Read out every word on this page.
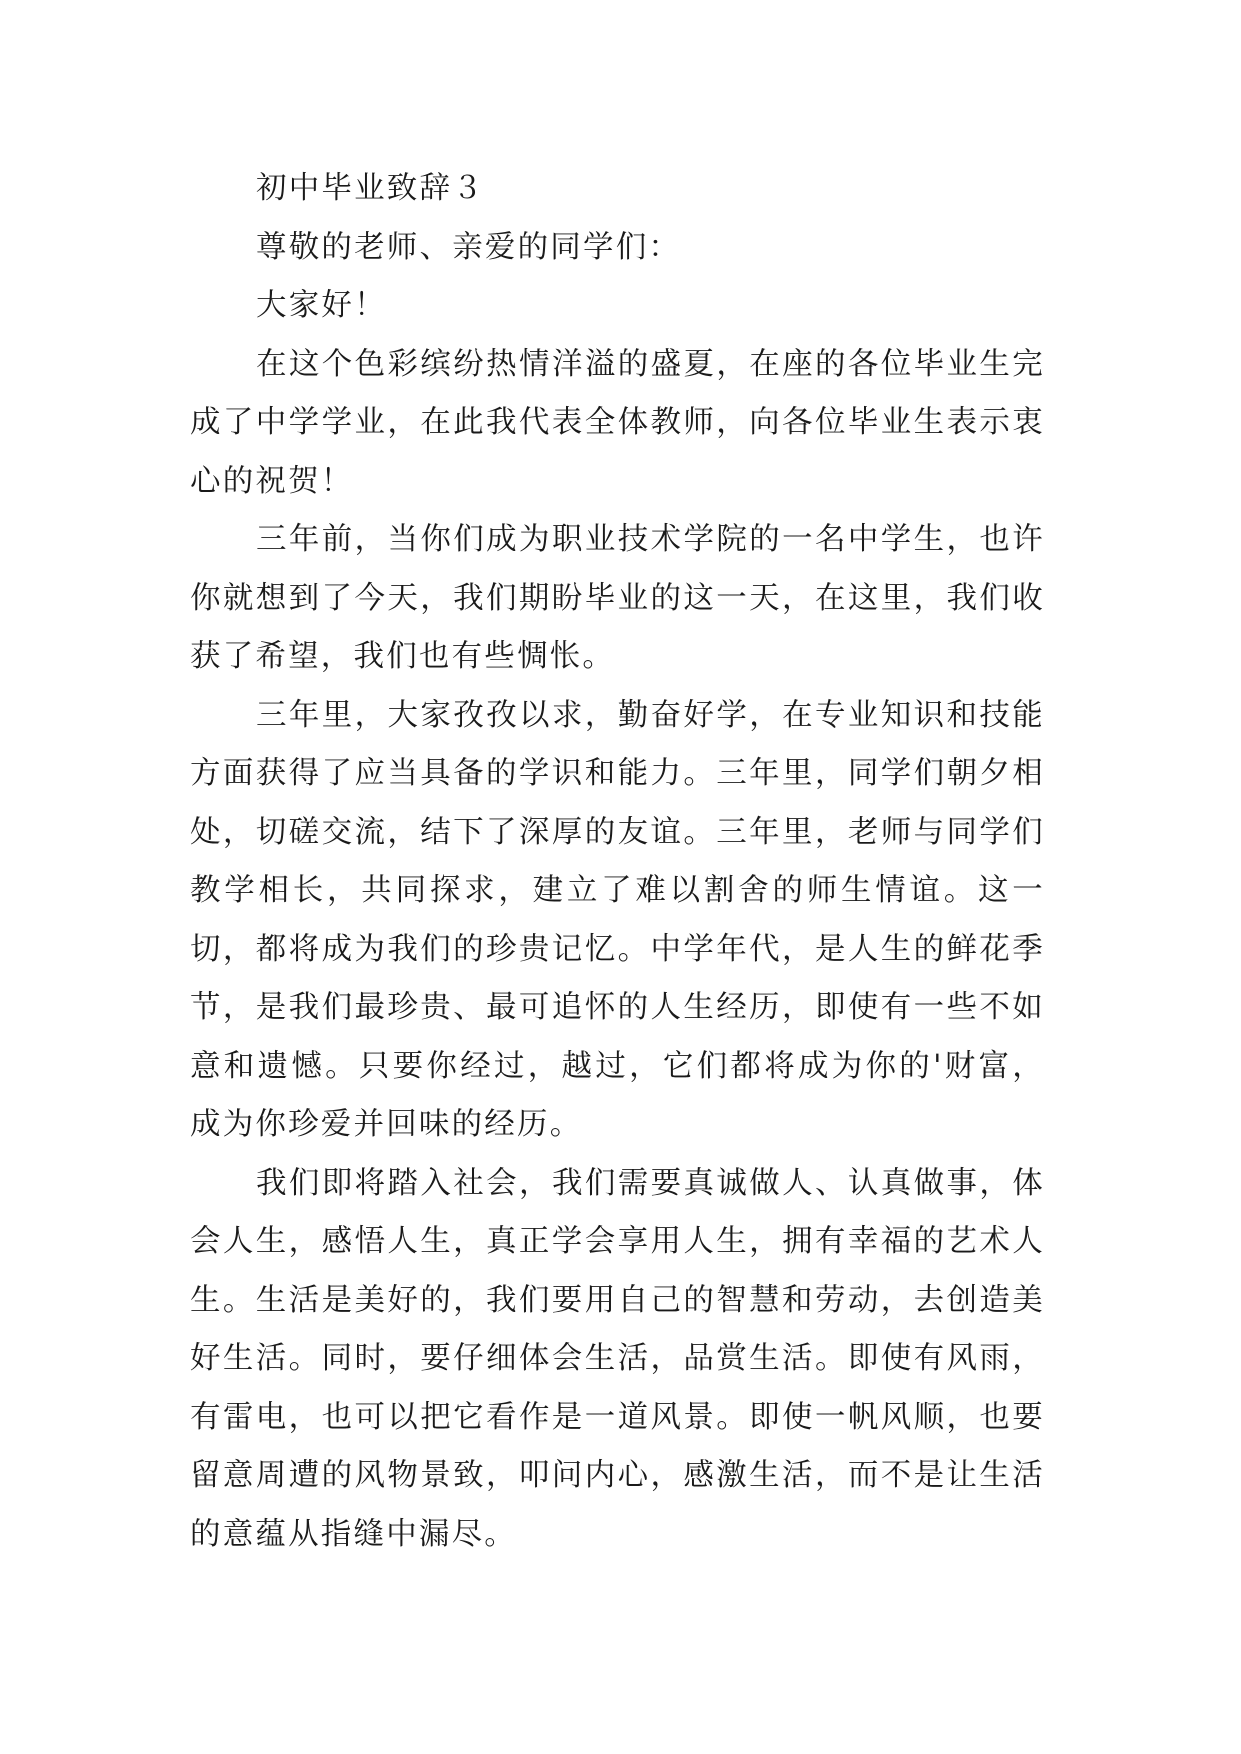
初中毕业致辞３

尊敬的老师、亲爱的同学们：

大家好！

在这个色彩缤纷热情洋溢的盛夏，在座的各位毕业生完成了中学学业，在此我代表全体教师，向各位毕业生表示衷心的祝贺！

三年前，当你们成为职业技术学院的一名中学生，也许你就想到了今天，我们期盼毕业的这一天，在这里，我们收获了希望，我们也有些惆怅。

三年里，大家孜孜以求，勤奋好学，在专业知识和技能方面获得了应当具备的学识和能力。三年里，同学们朝夕相处，切磋交流，结下了深厚的友谊。三年里，老师与同学们教学相长，共同探求，建立了难以割舍的师生情谊。这一切，都将成为我们的珍贵记忆。中学年代，是人生的鲜花季节，是我们最珍贵、最可追怀的人生经历，即使有一些不如意和遗憾。只要你经过，越过，它们都将成为你的'财富，成为你珍爱并回味的经历。

我们即将踏入社会，我们需要真诚做人、认真做事，体会人生，感悟人生，真正学会享用人生，拥有幸福的艺术人生。生活是美好的，我们要用自己的智慧和劳动，去创造美好生活。同时，要仔细体会生活，品赏生活。即使有风雨，有雷电，也可以把它看作是一道风景。即使一帆风顺，也要留意周遭的风物景致，叩问内心，感激生活，而不是让生活的意蕴从指缝中漏尽。
